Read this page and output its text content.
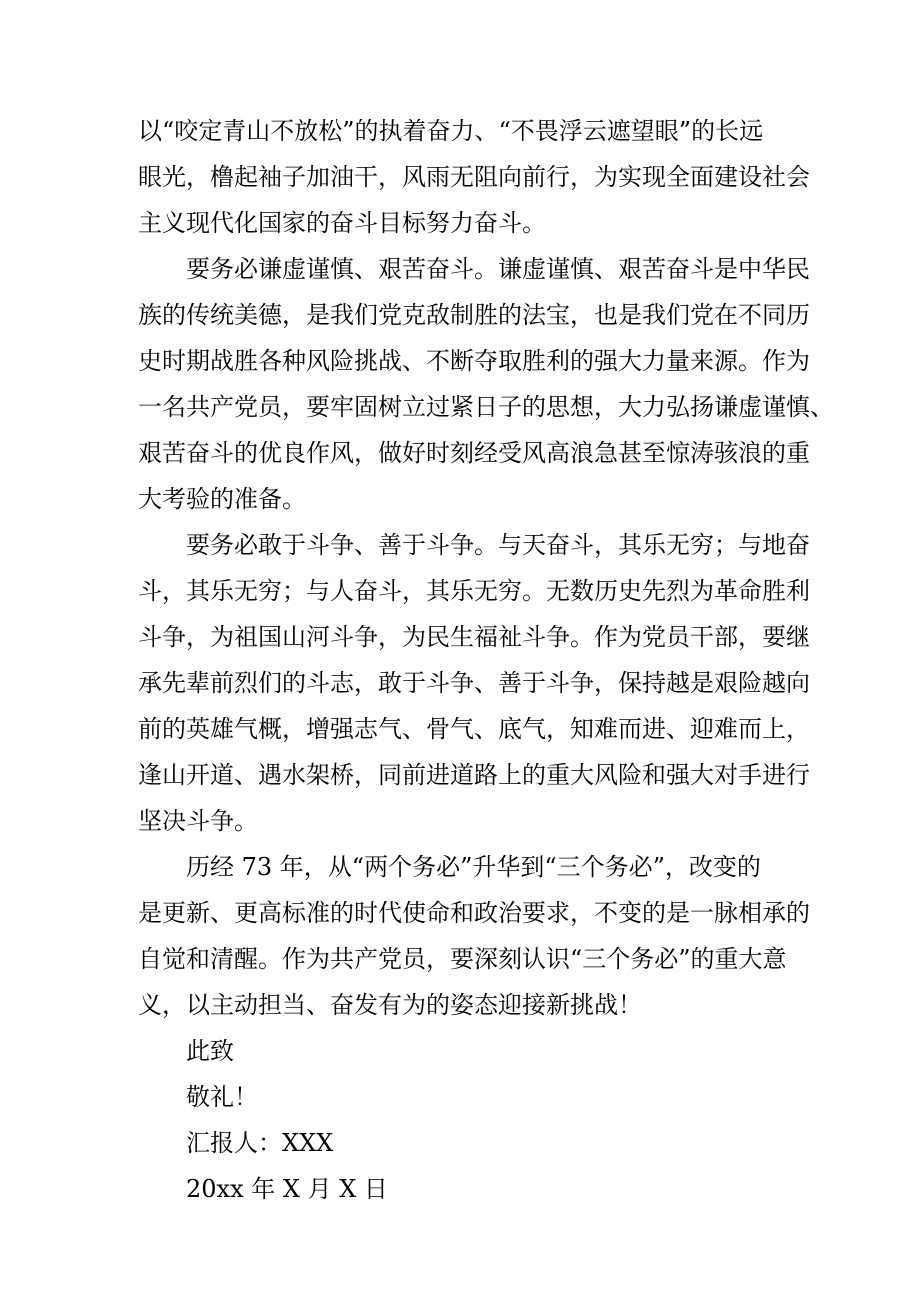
以“咬定青山不放松”的执着奋力、“不畏浮云遮望眼”的长远
眼光，橹起袖子加油干，风雨无阻向前行，为实现全面建设社会
主义现代化国家的奋斗目标努力奋斗。
　　要务必谦虚谨慎、艰苦奋斗。谦虚谨慎、艰苦奋斗是中华民
族的传统美德，是我们党克敌制胜的法宝，也是我们党在不同历
史时期战胜各种风险挑战、不断夺取胜利的强大力量来源。作为
一名共产党员，要牢固树立过紧日子的思想，大力弘扬谦虚谨慎、
艰苦奋斗的优良作风，做好时刻经受风高浪急甚至惊涛骇浪的重
大考验的准备。
　　要务必敢于斗争、善于斗争。与天奋斗，其乐无穷；与地奋
斗，其乐无穷；与人奋斗，其乐无穷。无数历史先烈为革命胜利
斗争，为祖国山河斗争，为民生福祉斗争。作为党员干部，要继
承先辈前烈们的斗志，敢于斗争、善于斗争，保持越是艰险越向
前的英雄气概，增强志气、骨气、底气，知难而进、迎难而上，
逢山开道、遇水架桥，同前进道路上的重大风险和强大对手进行
坚决斗争。
　　历经 73 年，从“两个务必”升华到“三个务必”，改变的
是更新、更高标准的时代使命和政治要求，不变的是一脉相承的
自觉和清醒。作为共产党员，要深刻认识“三个务必”的重大意
义，以主动担当、奋发有为的姿态迎接新挑战！
此致
敬礼！
汇报人：XXX
20xx 年 X 月 X 日
